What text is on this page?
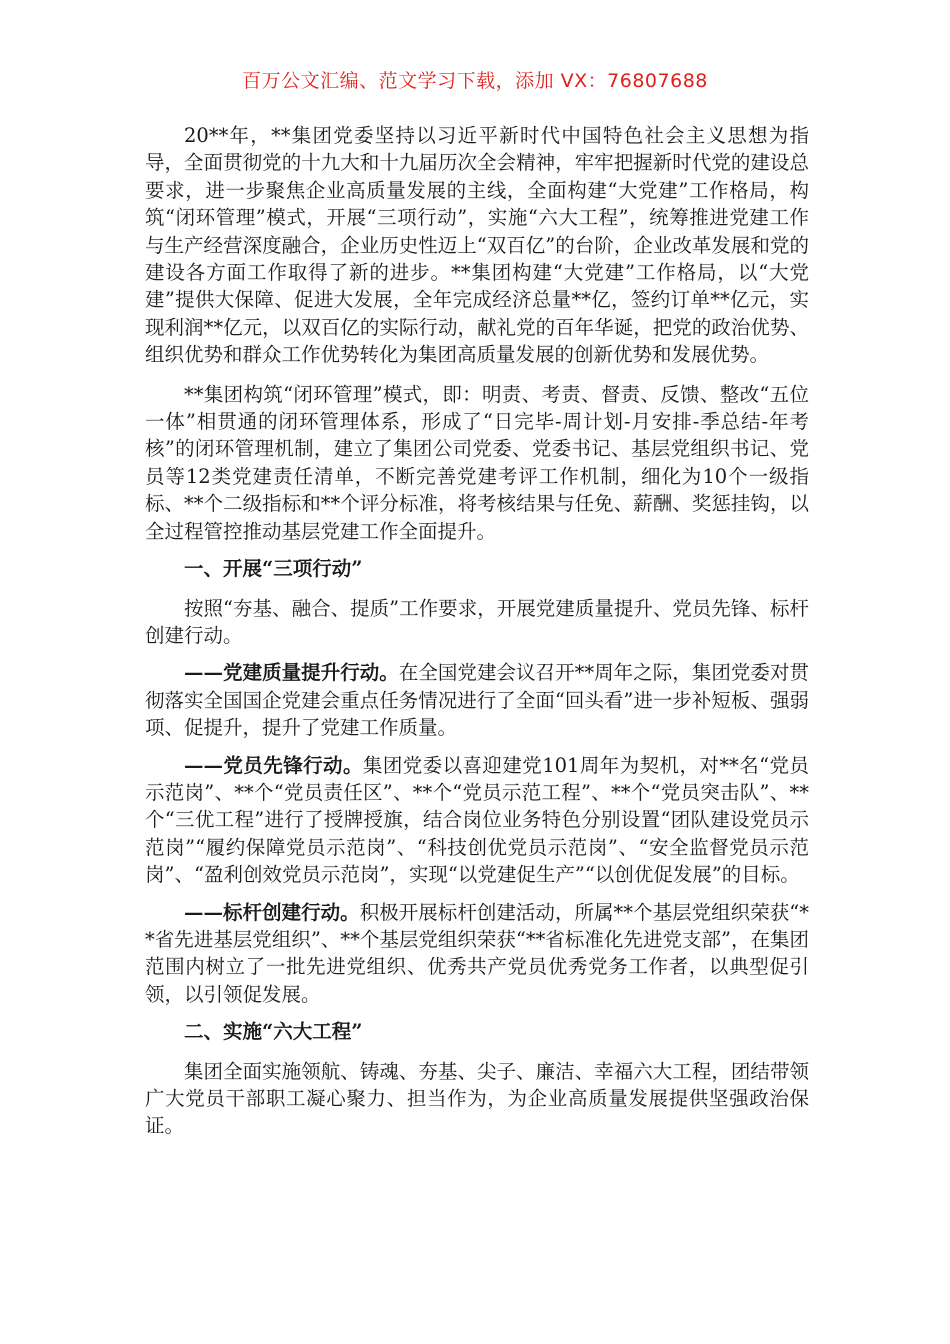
百万公文汇编、范文学习下载，添加 VX：76807688

20**年，**集团党委坚持以习近平新时代中国特色社会主义思想为指导，全面贯彻党的十九大和十九届历次全会精神，牢牢把握新时代党的建设总要求，进一步聚焦企业高质量发展的主线，全面构建“大党建”工作格局，构筑“闭环管理”模式，开展“三项行动”，实施“六大工程”，统筹推进党建工作与生产经营深度融合，企业历史性迈上“双百亿”的台阶，企业改革发展和党的建设各方面工作取得了新的进步。**集团构建“大党建”工作格局，以“大党建”提供大保障、促进大发展，全年完成经济总量**亿，签约订单**亿元，实现利润**亿元，以双百亿的实际行动，献礼党的百年华诞，把党的政治优势、组织优势和群众工作优势转化为集团高质量发展的创新优势和发展优势。

**集团构筑“闭环管理”模式，即：明责、考责、督责、反馈、整改“五位一体”相贯通的闭环管理体系，形成了“日完毕-周计划-月安排-季总结-年考核”的闭环管理机制，建立了集团公司党委、党委书记、基层党组织书记、党员等12类党建责任清单，不断完善党建考评工作机制，细化为10个一级指标、**个二级指标和**个评分标准，将考核结果与任免、薪酬、奖惩挂钩，以全过程管控推动基层党建工作全面提升。

一、开展“三项行动”

按照“夯基、融合、提质”工作要求，开展党建质量提升、党员先锋、标杆创建行动。

——党建质量提升行动。在全国党建会议召开**周年之际，集团党委对贯彻落实全国国企党建会重点任务情况进行了全面“回头看”进一步补短板、强弱项、促提升，提升了党建工作质量。

——党员先锋行动。集团党委以喜迎建党101周年为契机，对**名“党员示范岗”、**个“党员责任区”、**个“党员示范工程”、**个“党员突击队”、**个“三优工程”进行了授牌授旗，结合岗位业务特色分别设置“团队建设党员示范岗”“履约保障党员示范岗”、“科技创优党员示范岗”、“安全监督党员示范岗”、“盈利创效党员示范岗”，实现“以党建促生产”“以创优促发展”的目标。

——标杆创建行动。积极开展标杆创建活动，所属**个基层党组织荣获“**省先进基层党组织”、**个基层党组织荣获“**省标准化先进党支部”，在集团范围内树立了一批先进党组织、优秀共产党员优秀党务工作者，以典型促引领，以引领促发展。

二、实施“六大工程”

集团全面实施领航、铸魂、夯基、尖子、廉洁、幸福六大工程，团结带领广大党员干部职工凝心聚力、担当作为，为企业高质量发展提供坚强政治保证。
